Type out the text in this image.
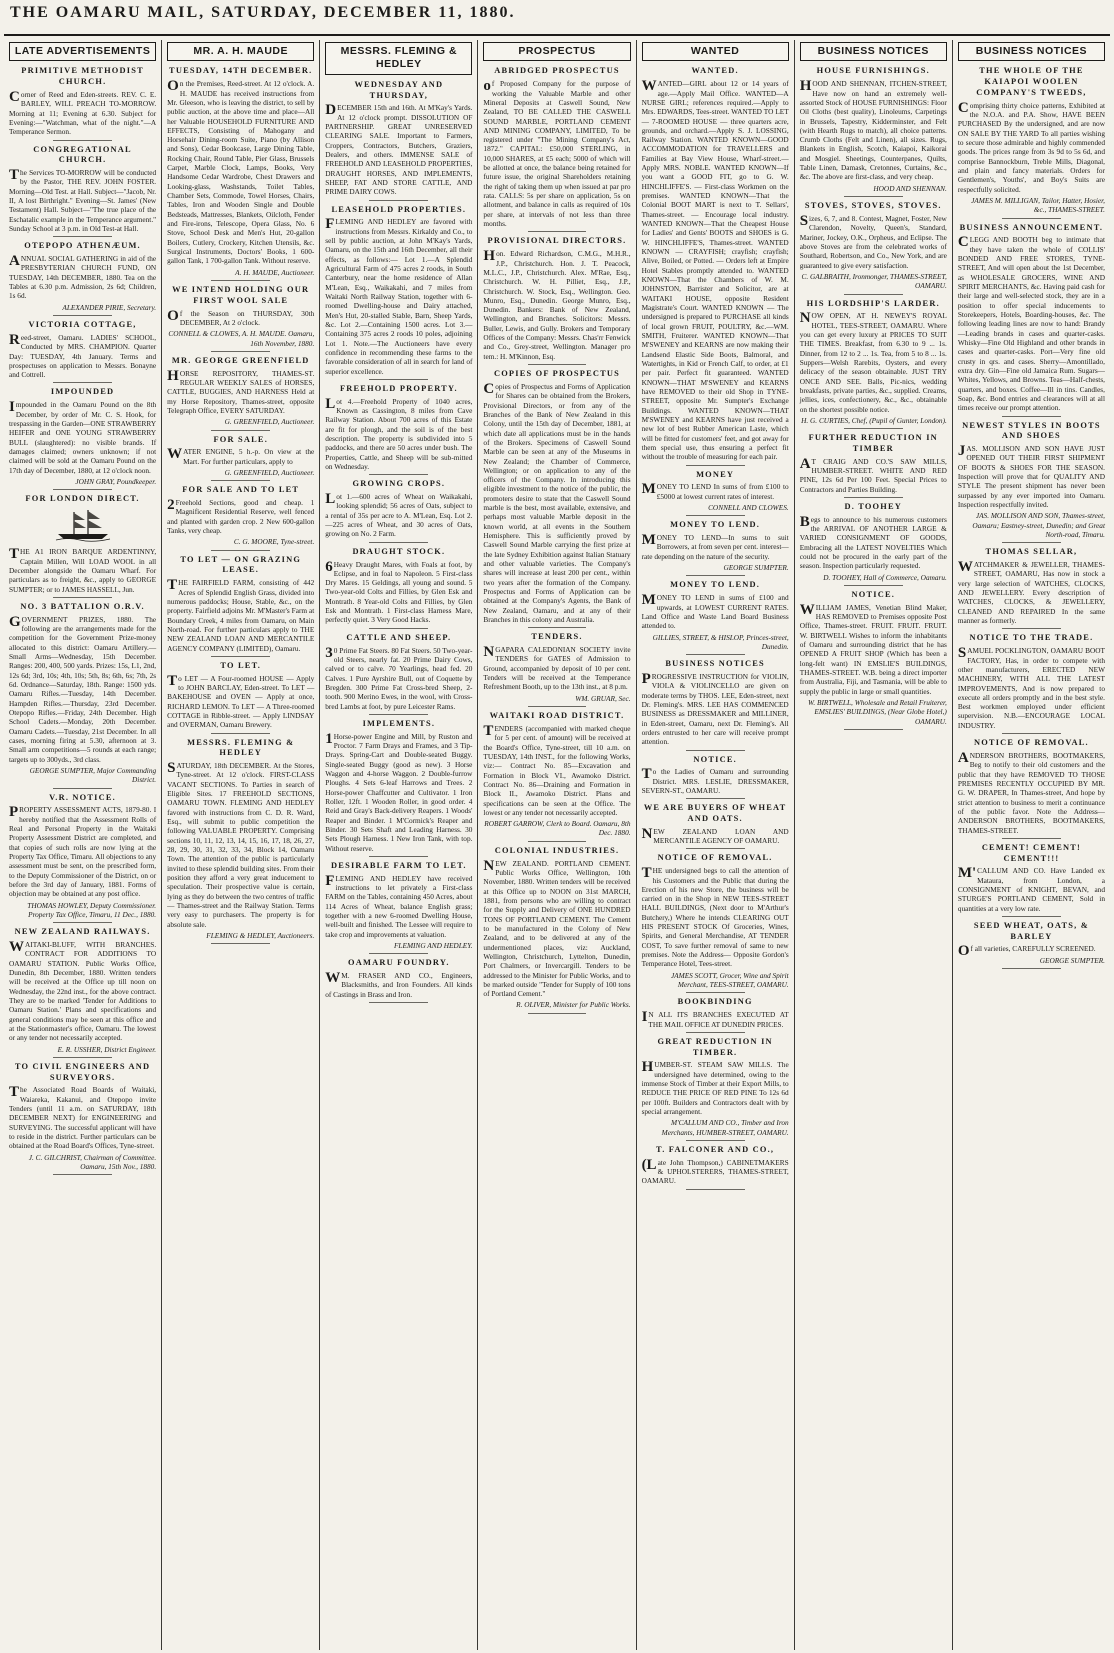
THE OAMARU MAIL, SATURDAY, DECEMBER 11, 1880.
LATE ADVERTISEMENTS
PRIMITIVE METHODIST CHURCH.
Corner of Reed and Eden-streets. REV. C. E. BARLEY, WILL PREACH TO-MORROW. Morning at 11; Evening at 6.30. Subject for Evening:—"Watchman, what of the night."—A Temperance Sermon.
CONGREGATIONAL CHURCH.
The Services TO-MORROW will be conducted by the Pastor, THE REV. JOHN FOSTER. Morning—Old Test. at Hall. Subject—"Jacob, Nr. II, A lost Birthright." Evening—St. James' (New Testament) Hall. Subject—"The true place of the Eschatalic example in the Temperance argument." Sunday School at 3 p.m. in Old Test-at Hall.
OTEPOPO ATHENÆUM.
ANNUAL SOCIAL GATHERING in aid of the PRESBYTERIAN CHURCH FUND, ON TUESDAY, 14th DECEMBER, 1880. Tea on the Tables at 6.30 p.m. Admission, 2s 6d; Children, 1s 6d.
ALEXANDER PIRIE, Secretary.
VICTORIA COTTAGE,
Reed-street, Oamaru. LADIES' SCHOOL, Conducted by MRS. CHAMPION. Quarter Day: TUESDAY, 4th January. Terms and prospectuses on application to Messrs. Bonayne and Cottrell.
IMPOUNDED
Impounded in the Oamaru Pound on the 8th December, by order of Mr. C. S. Hook, for trespassing in the Garden—ONE STRAWBERRY HEIFER and ONE YOUNG STRAWBERRY BULL (slaughtered): no visible brands. If damages claimed; owners unknown; if not claimed will be sold at the Oamaru Pound on the 17th day of December, 1880, at 12 o'clock noon.
JOHN GRAY, Poundkeeper.
FOR LONDON DIRECT.
THE A1 IRON BARQUE ARDENTINNY, Captain Millen, Will LOAD WOOL in all December alongside the Oamaru Wharf. For particulars as to freight, &c., apply to GEORGE SUMPTER; or to JAMES HASSELL, Jun.
NO. 3 BATTALION O.R.V.
GOVERNMENT PRIZES, 1880. The following are the arrangements made for the competition for the Government Prize-money allocated to this district: Oamaru Artillery.—Small Arms—Wednesday, 15th December. Ranges: 200, 400, 500 yards. Prizes: 15s, L1, 2nd, 12s 6d; 3rd, 10s; 4th, 10s; 5th, 8s; 6th, 6s; 7th, 2s 6d. Ordnance—Saturday, 18th. Range: 1500 yds. Oamaru Rifles.—Tuesday, 14th December. Hampden Rifles.—Thursday, 23rd December. Otepopo Rifles.—Friday, 24th December. High School Cadets.—Monday, 20th December. Oamaru Cadets.—Tuesday, 21st December. In all cases, morning firing at 5.30, afternoon at 3. Small arm competitions—5 rounds at each range; targets up to 300yds., 3rd class.
GEORGE SUMPTER, Major Commanding District.
V.R. NOTICE.
PROPERTY ASSESSMENT ACTS, 1879-80. I hereby notified that the Assessment Rolls of Real and Personal Property in the Waitaki Property Assessment District are completed, and that copies of such rolls are now lying at the Property Tax Office, Timaru. All objections to any assessment must be sent, on the prescribed form, to the Deputy Commissioner of the District, on or before the 3rd day of January, 1881. Forms of objection may be obtained at any post office.
THOMAS HOWLEY, Deputy Commissioner. Property Tax Office, Timaru, 11 Dec., 1880.
NEW ZEALAND RAILWAYS.
WAITAKI-BLUFF, WITH BRANCHES. CONTRACT FOR ADDITIONS TO OAMARU STATION. Public Works Office, Dunedin, 8th December, 1880. Written tenders will be received at the Office up till noon on Wednesday, the 22nd inst., for the above contract. They are to be marked 'Tender for Additions to Oamaru Station.' Plans and specifications and general conditions may be seen at this office and at the Stationmaster's office, Oamaru. The lowest or any tender not necessarily accepted.
E. R. USSHER, District Engineer.
TO CIVIL ENGINEERS AND SURVEYORS.
The Associated Road Boards of Waitaki, Waiareka, Kakanui, and Otepopo invite Tenders (until 11 a.m. on SATURDAY, 18th DECEMBER NEXT) for ENGINEERING and SURVEYING. The successful applicant will have to reside in the district. Further particulars can be obtained at the Road Board's Offices, Tyne-street.
J. C. GILCHRIST, Chairman of Committee. Oamaru, 15th Nov., 1880.
MR. A. H. MAUDE
TUESDAY, 14TH DECEMBER.
On the Premises, Reed-street. At 12 o'clock. A. H. MAUDE has received instructions from Mr. Gleeson, who is leaving the district, to sell by public auction, at the above time and place—All her Valuable HOUSEHOLD FURNITURE AND EFFECTS, Consisting of Mahogany and Horsehair Dining-room Suite, Piano (by Allison and Sons), Cedar Bookcase, Large Dining Table, Rocking Chair, Round Table, Pier Glass, Brussels Carpet, Marble Clock, Lamps, Books, Very Handsome Cedar Wardrobe, Chest Drawers and Looking-glass, Washstands, Toilet Tables, Chamber Sets, Commode, Towel Horses, Chairs, Tables, Iron and Wooden Single and Double Bedsteads, Mattresses, Blankets, Oilcloth, Fender and Fire-irons, Telescope, Opera Glass, No. 6 Stove, School Desk and Men's Hut, 20-gallon Boilers, Cutlery, Crockery, Kitchen Utensils, &c. Surgical Instruments, Doctors' Books, 1 600-gallon Tank, 1 700-gallon Tank. Without reserve.
A. H. MAUDE, Auctioneer.
WE INTEND HOLDING OUR FIRST WOOL SALE
Of the Season on THURSDAY, 30th DECEMBER, At 2 o'clock.
CONNELL & CLOWES, A. H. MAUDE. Oamaru, 16th November, 1880.
MR. GEORGE GREENFIELD
HORSE REPOSITORY, THAMES-ST. REGULAR WEEKLY SALES of HORSES, CATTLE, BUGGIES, AND HARNESS Held at my Horse Repository, Thames-street, opposite Telegraph Office, EVERY SATURDAY.
G. GREENFIELD, Auctioneer.
FOR SALE.
WATER ENGINE, 5 h.-p. On view at the Mart. For further particulars, apply to
G. GREENFIELD, Auctioneer.
FOR SALE AND TO LET
2Freehold Sections, good and cheap. 1 Magnificent Residential Reserve, well fenced and planted with garden crop. 2 New 600-gallon Tanks, very cheap.
C. G. MOORE, Tyne-street.
TO LET — ON GRAZING LEASE.
THE FAIRFIELD FARM, consisting of 442 Acres of Splendid English Grass, divided into numerous paddocks; House, Stable, &c., on the property. Fairfield adjoins Mr. M'Master's Farm at Boundary Creek, 4 miles from Oamaru, on Main North-road. For further particulars apply to THE NEW ZEALAND LOAN AND MERCANTILE AGENCY COMPANY (LIMITED), Oamaru.
TO LET.
To LET — A Four-roomed HOUSE — Apply to JOHN BARCLAY, Eden-street. To LET — BAKEHOUSE and OVEN — Apply at once, RICHARD LEMON. To LET — A Three-roomed COTTAGE in Ribble-street. — Apply LINDSAY and OVERMAN, Oamaru Brewery.
MESSRS. FLEMING & HEDLEY
SATURDAY, 18th DECEMBER. At the Stores, Tyne-street. At 12 o'clock. FIRST-CLASS VACANT SECTIONS. To Parties in search of Eligible Sites. 17 FREEHOLD SECTIONS, OAMARU TOWN. FLEMING AND HEDLEY favored with instructions from C. D. R. Ward, Esq., will submit to public competition the following VALUABLE PROPERTY. Comprising sections 10, 11, 12, 13, 14, 15, 16, 17, 18, 26, 27, 28, 29, 30, 31, 32, 33, 34, Block 14, Oamaru Town. The attention of the public is particularly invited to these splendid building sites. From their position they afford a very great inducement to speculation. Their prospective value is certain, lying as they do between the two centres of traffic — Thames-street and the Railway Station. Terms very easy to purchasers. The property is for absolute sale.
FLEMING & HEDLEY, Auctioneers.
MESSRS. FLEMING & HEDLEY
WEDNESDAY AND THURSDAY,
DECEMBER 15th and 16th. At M'Kay's Yards. At 12 o'clock prompt. DISSOLUTION OF PARTNERSHIP. GREAT UNRESERVED CLEARING SALE. Important to Farmers, Croppers, Contractors, Butchers, Graziers, Dealers, and others. IMMENSE SALE of FREEHOLD AND LEASEHOLD PROPERTIES, DRAUGHT HORSES, AND IMPLEMENTS, SHEEP, FAT AND STORE CATTLE, AND PRIME DAIRY COWS.
LEASEHOLD PROPERTIES.
FLEMING AND HEDLEY are favored with instructions from Messrs. Kirkaldy and Co., to sell by public auction, at John M'Kay's Yards, Oamaru, on the 15th and 16th December, all their effects, as follows:— Lot 1.—A Splendid Agricultural Farm of 475 acres 2 roods, in South Canterbury, near the home residence of Allan M'Lean, Esq., Waikakahi, and 7 miles from Waitaki North Railway Station, together with 6-roomed Dwelling-house and Dairy attached, Men's Hut, 20-stalled Stable, Barn, Sheep Yards, &c. Lot 2.—Containing 1500 acres. Lot 3.—Containing 375 acres 2 roods 10 poles, adjoining Lot 1. Note.—The Auctioneers have every confidence in recommending these farms to the favorable consideration of all in search for land of superior excellence.
FREEHOLD PROPERTY.
Lot 4.—Freehold Property of 1040 acres, Known as Cassington, 8 miles from Cave Railway Station. About 700 acres of this Estate are fit for plough, and the soil is of the best description. The property is subdivided into 5 paddocks, and there are 50 acres under bush. The Properties, Cattle, and Sheep will be sub-mitted on Wednesday.
GROWING CROPS.
Lot 1.—600 acres of Wheat on Waikakahi, looking splendid; 56 acres of Oats, subject to a rental of 35s per acre to A. M'Lean, Esq. Lot 2.—225 acres of Wheat, and 30 acres of Oats, growing on No. 2 Farm.
DRAUGHT STOCK.
6Heavy Draught Mares, with Foals at foot, by Eclipse, and in foal to Napoleon. 5 First-class Dry Mares. 15 Geldings, all young and sound. 5 Two-year-old Colts and Fillies, by Glen Esk and Montrath. 8 Year-old Colts and Fillies, by Glen Esk and Montrath. 1 First-class Harness Mare, perfectly quiet. 3 Very Good Hacks.
CATTLE AND SHEEP.
30 Prime Fat Steers. 80 Fat Steers. 50 Two-year-old Steers, nearly fat. 20 Prime Dairy Cows, calved or to calve. 70 Yearlings, head fed. 20 Calves. 1 Pure Ayrshire Bull, out of Coquette by Bregden. 300 Prime Fat Cross-bred Sheep, 2-tooth. 900 Merino Ewes, in the wool, with Cross-bred Lambs at foot, by pure Leicester Rams.
IMPLEMENTS.
1Horse-power Engine and Mill, by Ruston and Proctor. 7 Farm Drays and Frames, and 3 Tip-Drays. Spring-Cart and Double-seated Buggy. Single-seated Buggy (good as new). 3 Horse Waggon and 4-horse Waggon. 2 Double-furrow Ploughs. 4 Sets 6-leaf Harrows and Trees. 2 Horse-power Chaffcutter and Cultivator. 1 Iron Roller, 12ft. 1 Wooden Roller, in good order. 4 Reid and Gray's Back-delivery Reapers. 1 Woods' Reaper and Binder. 1 M'Cormick's Reaper and Binder. 30 Sets Shaft and Leading Harness. 30 Sets Plough Harness. 1 New Iron Tank, with top. Without reserve.
DESIRABLE FARM TO LET.
FLEMING AND HEDLEY have received instructions to let privately a First-class FARM on the Tables, containing 450 Acres, about 114 Acres of Wheat, balance English grass; together with a new 6-roomed Dwelling House, well-built and finished. The Lessee will require to take crop and improvements at valuation.
FLEMING AND HEDLEY.
OAMARU FOUNDRY.
WM. FRASER AND CO., Engineers, Blacksmiths, and Iron Founders. All kinds of Castings in Brass and Iron.
PROSPECTUS
ABRIDGED PROSPECTUS
of Proposed Company for the purpose of working the Valuable Marble and other Mineral Deposits at Caswell Sound, New Zealand, TO BE CALLED THE CASWELL SOUND MARBLE, PORTLAND CEMENT AND MINING COMPANY, LIMITED, To be registered under "The Mining Company's Act, 1872." CAPITAL: £50,000 STERLING, in 10,000 SHARES, at £5 each; 5000 of which will be allotted at once, the balance being retained for future issue, the original Shareholders retaining the right of taking them up when issued at par pro rata. CALLS: 5s per share on application, 5s on allotment, and balance in calls as required of 10s per share, at intervals of not less than three months.
PROVISIONAL DIRECTORS.
Hon. Edward Richardson, C.M.G., M.H.R., J.P., Christchurch. Hon. J. T. Peacock, M.L.C., J.P., Christchurch. Alex. M'Rae, Esq., Christchurch. W. H. Pilliet, Esq., J.P., Christchurch. W. Stock, Esq., Wellington. Geo. Munro, Esq., Dunedin. George Munro, Esq., Dunedin. Bankers: Bank of New Zealand, Wellington, and Branches. Solicitors: Messrs. Buller, Lewis, and Gully. Brokers and Temporary Offices of the Company: Messrs. Chas'rr Fenwick and Co., Grey-street, Wellington. Manager pro tem.: H. M'Kinnon, Esq.
COPIES OF PROSPECTUS
Copies of Prospectus and Forms of Application for Shares can be obtained from the Brokers, Provisional Directors, or from any of the Branches of the Bank of New Zealand in this Colony, until the 15th day of December, 1881, at which date all applications must be in the hands of the Brokers. Specimens of Caswell Sound Marble can be seen at any of the Museums in New Zealand; the Chamber of Commerce, Wellington; or on application to any of the officers of the Company. In introducing this eligible investment to the notice of the public, the promoters desire to state that the Caswell Sound marble is the best, most available, extensive, and perhaps most valuable Marble deposit in the known world, at all events in the Southern Hemisphere. This is sufficiently proved by Caswell Sound Marble carrying the first prize at the late Sydney Exhibition against Italian Statuary and other valuable varieties. The Company's shares will increase at least 200 per cent., within two years after the formation of the Company. Prospectus and Forms of Application can be obtained at the Company's Agents, the Bank of New Zealand, Oamaru, and at any of their Branches in this colony and Australia.
TENDERS.
NGAPARA CALEDONIAN SOCIETY invite TENDERS for GATES of Admission to Ground, accompanied by deposit of 10 per cent. Tenders will be received at the Temperance Refreshment Booth, up to the 13th inst., at 8 p.m.
WM. GRUAR, Sec.
WAITAKI ROAD DISTRICT.
TENDERS (accompanied with marked cheque for 5 per cent. of amount) will be received at the Board's Office, Tyne-street, till 10 a.m. on TUESDAY, 14th INST., for the following Works, viz:— Contract No. 85—Excavation and Formation in Block VI., Awamoko District. Contract No. 86—Draining and Formation in Block II., Awamoko District. Plans and specifications can be seen at the Office. The lowest or any tender not necessarily accepted.
ROBERT GARROW, Clerk to Board. Oamaru, 8th Dec. 1880.
COLONIAL INDUSTRIES.
NEW ZEALAND. PORTLAND CEMENT. Public Works Office, Wellington, 10th November, 1880. Written tenders will be received at this Office up to NOON on 31st MARCH, 1881, from persons who are willing to contract for the Supply and Delivery of ONE HUNDRED TONS OF PORTLAND CEMENT. The Cement to be manufactured in the Colony of New Zealand, and to be delivered at any of the undermentioned places, viz: Auckland, Wellington, Christchurch, Lyttelton, Dunedin, Port Chalmers, or Invercargill. Tenders to be addressed to the Minister for Public Works, and to be marked outside "Tender for Supply of 100 tons of Portland Cement."
R. OLIVER, Minister for Public Works.
WANTED
WANTED.
WANTED—GIRL about 12 or 14 years of age.—Apply Mail Office. WANTED—A NURSE GIRL; references required.—Apply to Mrs. EDWARDS, Tees-street. WANTED TO LET — 7-ROOMED HOUSE — three quarters acre, grounds, and orchard.—Apply S. J. LOSSING, Railway Station. WANTED KNOWN—GOOD ACCOMMODATION for TRAVELLERS and Families at Bay View House, Wharf-street.—Apply MRS. NOBLE. WANTED KNOWN—If you want a GOOD FIT, go to G. W. HINCHLIFFE'S. — First-class Workmen on the premises. WANTED KNOWN—That the Colonial BOOT MART is next to T. Sellars', Thames-street. — Encourage local industry. WANTED KNOWN—That the Cheapest House for Ladies' and Gents' BOOTS and SHOES is G. W. HINCHLIFFE'S, Thames-street. WANTED KNOWN — CRAYFISH; crayfish; crayfish; Alive, Boiled, or Potted. — Orders left at Empire Hotel Stables promptly attended to. WANTED KNOWN—That the Chambers of W. M. JOHNSTON, Barrister and Solicitor, are at WAITAKI HOUSE, opposite Resident Magistrate's Court. WANTED KNOWN — The undersigned is prepared to PURCHASE all kinds of local grown FRUIT, POULTRY, &c.—WM. SMITH, Fruiterer. WANTED KNOWN—That M'SWENEY and KEARNS are now making their Landsend Elastic Side Boots, Balmoral, and Watertights, in Kid or French Calf, to order, at £1 per pair. Perfect fit guaranteed. WANTED KNOWN—THAT M'SWENEY and KEARNS have REMOVED to their old Shop in TYNE-STREET, opposite Mr. Sumpter's Exchange Buildings. WANTED KNOWN—THAT M'SWENEY and KEARNS have just received a new lot of best Rubber American Laste, which will be fitted for customers' feet, and got away for them special use, thus ensuring a perfect fit without the trouble of measuring for each pair.
MONEY
MONEY TO LEND In sums of from £100 to £5000 at lowest current rates of interest.
CONNELL AND CLOWES.
MONEY TO LEND.
MONEY TO LEND—In sums to suit Borrowers, at from seven per cent. interest—rate depending on the nature of the security.
GEORGE SUMPTER.
MONEY TO LEND.
MONEY TO LEND in sums of £100 and upwards, at LOWEST CURRENT RATES. Land Office and Waste Land Board Business attended to.
GILLIES, STREET, & HISLOP, Princes-street, Dunedin.
BUSINESS NOTICES
PROGRESSIVE INSTRUCTION for VIOLIN, VIOLA & VIOLINCELLO are given on moderate terms by THOS. LEE, Eden-street, next Dr. Fleming's. MRS. LEE HAS COMMENCED BUSINESS as DRESSMAKER and MILLINER, in Eden-street, Oamaru, next Dr. Fleming's. All orders entrusted to her care will receive prompt attention.
NOTICE.
To the Ladies of Oamaru and surrounding District. MRS. LESLIE, DRESSMAKER, SEVERN-ST., OAMARU.
WE ARE BUYERS OF WHEAT AND OATS.
NEW ZEALAND LOAN AND MERCANTILE AGENCY OF OAMARU.
NOTICE OF REMOVAL.
THE undersigned begs to call the attention of his Customers and the Public that during the Erection of his new Store, the business will be carried on in the Shop in NEW TEES-STREET HALL BUILDINGS, (Next door to M'Arthur's Butchery,) Where he intends CLEARING OUT HIS PRESENT STOCK Of Groceries, Wines, Spirits, and General Merchandise, AT TENDER COST, To save further removal of same to new premises. Note the Address— Opposite Gordon's Temperance Hotel, Tees-street.
JAMES SCOTT, Grocer, Wine and Spirit Merchant, TEES-STREET, OAMARU.
BOOKBINDING
IN ALL ITS BRANCHES EXECUTED AT THE MAIL OFFICE AT DUNEDIN PRICES.
GREAT REDUCTION IN TIMBER.
HUMBER-ST. STEAM SAW MILLS. The undersigned have determined, owing to the immense Stock of Timber at their Export Mills, to REDUCE THE PRICE OF RED PINE To 12s 6d per 100ft. Builders and Contractors dealt with by special arrangement.
M'CALLUM AND CO., Timber and Iron Merchants, HUMBER-STREET, OAMARU.
T. FALCONER AND CO.,
(Late John Thompson,) CABINETMAKERS & UPHOLSTERERS, THAMES-STREET, OAMARU.
BUSINESS NOTICES
HOUSE FURNISHINGS.
HOOD AND SHENNAN, ITCHEN-STREET, Have now on hand an extremely well-assorted Stock of HOUSE FURNISHINGS: Floor Oil Cloths (best quality), Linoleums, Carpetings in Brussels, Tapestry, Kidderminster, and Felt (with Hearth Rugs to match), all choice patterns. Crumb Cloths (Felt and Linen), all sizes. Rugs, Blankets in English, Scotch, Kaiapoi, Kaikorai and Mosgiel. Sheetings, Counterpanes, Quilts, Table Linen, Damask, Cretonnes, Curtains, &c., &c. The above are first-class, and very cheap.
HOOD AND SHENNAN.
STOVES, STOVES, STOVES.
Sizes, 6, 7, and 8. Contest, Magnet, Foster, New Clarendon, Novelty, Queen's, Standard, Mariner, Jockey, O.K., Orpheus, and Eclipse. The above Stoves are from the celebrated works of Southard, Robertson, and Co., New York, and are guaranteed to give every satisfaction.
C. GALBRAITH, Ironmonger, THAMES-STREET, OAMARU.
HIS LORDSHIP'S LARDER.
NOW OPEN, AT H. NEWEY'S ROYAL HOTEL, TEES-STREET, OAMARU. Where you can get every luxury at PRICES TO SUIT THE TIMES. Breakfast, from 6.30 to 9 ... 1s. Dinner, from 12 to 2 ... 1s. Tea, from 5 to 8 ... 1s. Suppers—Welsh Rarebits, Oysters, and every delicacy of the season obtainable. JUST TRY ONCE AND SEE. Balls, Pic-nics, wedding breakfasts, private parties, &c., supplied. Creams, jellies, ices, confectionery, &c., &c., obtainable on the shortest possible notice.
H. G. CURTIES, Chef, (Pupil of Gunter, London).
FURTHER REDUCTION IN TIMBER
AT CRAIG AND CO.'S SAW MILLS, HUMBER-STREET. WHITE AND RED PINE, 12s 6d Per 100 Feet. Special Prices to Contractors and Parties Building.
D. TOOHEY
Begs to announce to his numerous customers the ARRIVAL OF ANOTHER LARGE & VARIED CONSIGNMENT OF GOODS, Embracing all the LATEST NOVELTIES Which could not be procured in the early part of the season. Inspection particularly requested.
D. TOOHEY, Hall of Commerce, Oamaru.
NOTICE.
WILLIAM JAMES, Venetian Blind Maker, HAS REMOVED to Premises opposite Post Office, Thames-street. FRUIT. FRUIT. FRUIT. W. BIRTWELL Wishes to inform the inhabitants of Oamaru and surrounding district that he has OPENED A FRUIT SHOP (Which has been a long-felt want) IN EMSLIE'S BUILDINGS, THAMES-STREET. W.B. being a direct importer from Australia, Fiji, and Tasmania, will be able to supply the public in large or small quantities.
W. BIRTWELL, Wholesale and Retail Fruiterer, EMSLIES' BUILDINGS, (Near Globe Hotel,) OAMARU.
BUSINESS NOTICES
THE WHOLE OF THE KAIAPOI WOOLEN COMPANY'S TWEEDS,
Comprising thirty choice patterns, Exhibited at the N.O.A. and P.A. Show, HAVE BEEN PURCHASED By the undersigned, and are now ON SALE BY THE YARD To all parties wishing to secure those admirable and highly commended goods. The prices range from 3s 9d to 5s 6d, and comprise Bannockburn, Treble Mills, Diagonal, and plain and fancy materials. Orders for Gentlemen's, Youths', and Boy's Suits are respectfully solicited.
JAMES M. MILLIGAN, Tailor, Hatter, Hosier, &c., THAMES-STREET.
BUSINESS ANNOUNCEMENT.
CLEGG AND BOOTH beg to intimate that they have taken the whole of COLLIS' BONDED AND FREE STORES, TYNE-STREET, And will open about the 1st December, as WHOLESALE GROCERS, WINE AND SPIRIT MERCHANTS, &c. Having paid cash for their large and well-selected stock, they are in a position to offer special inducements to Storekeepers, Hotels, Boarding-houses, &c. The following leading lines are now to hand: Brandy—Leading brands in cases and quarter-casks. Whisky—Fine Old Highland and other brands in cases and quarter-casks. Port—Very fine old crusty in qrs. and cases. Sherry—Amontillado, extra dry. Gin—Fine old Jamaica Rum. Sugars—Whites, Yellows, and Browns. Teas—Half-chests, quarters, and boxes. Coffee—Ill in tins. Candles, Soap, &c. Bond entries and clearances will at all times receive our prompt attention.
NEWEST STYLES IN BOOTS AND SHOES
JAS. MOLLISON AND SON HAVE JUST OPENED OUT THEIR FIRST SHIPMENT OF BOOTS & SHOES FOR THE SEASON. Inspection will prove that for QUALITY AND STYLE The present shipment has never been surpassed by any ever imported into Oamaru. Inspection respectfully invited.
JAS. MOLLISON AND SON, Thames-street, Oamaru; Eastney-street, Dunedin; and Great North-road, Timaru.
THOMAS SELLAR,
WATCHMAKER & JEWELLER, THAMES-STREET, OAMARU, Has now in stock a very large selection of WATCHES, CLOCKS, AND JEWELLERY. Every description of WATCHES, CLOCKS, & JEWELLERY, CLEANED AND REPAIRED In the same manner as formerly.
NOTICE TO THE TRADE.
SAMUEL POCKLINGTON, OAMARU BOOT FACTORY, Has, in order to compete with other manufacturers, ERECTED NEW MACHINERY, WITH ALL THE LATEST IMPROVEMENTS, And is now prepared to execute all orders promptly and in the best style. Best workmen employed under efficient supervision. N.B.—ENCOURAGE LOCAL INDUSTRY.
NOTICE OF REMOVAL.
ANDERSON BROTHERS, BOOTMAKERS, Beg to notify to their old customers and the public that they have REMOVED TO THOSE PREMISES RECENTLY OCCUPIED BY MR. G. W. DRAPER, In Thames-street, And hope by strict attention to business to merit a continuance of the public favor. Note the Address— ANDERSON BROTHERS, BOOTMAKERS, THAMES-STREET.
CEMENT! CEMENT! CEMENT!!!
M'CALLUM AND CO. Have Landed ex Mataura, from London, a CONSIGNMENT of KNIGHT, BEVAN, and STURGE'S PORTLAND CEMENT, Sold in quantities at a very low rate.
SEED WHEAT, OATS, & BARLEY
Of all varieties, CAREFULLY SCREENED.
GEORGE SUMPTER.
